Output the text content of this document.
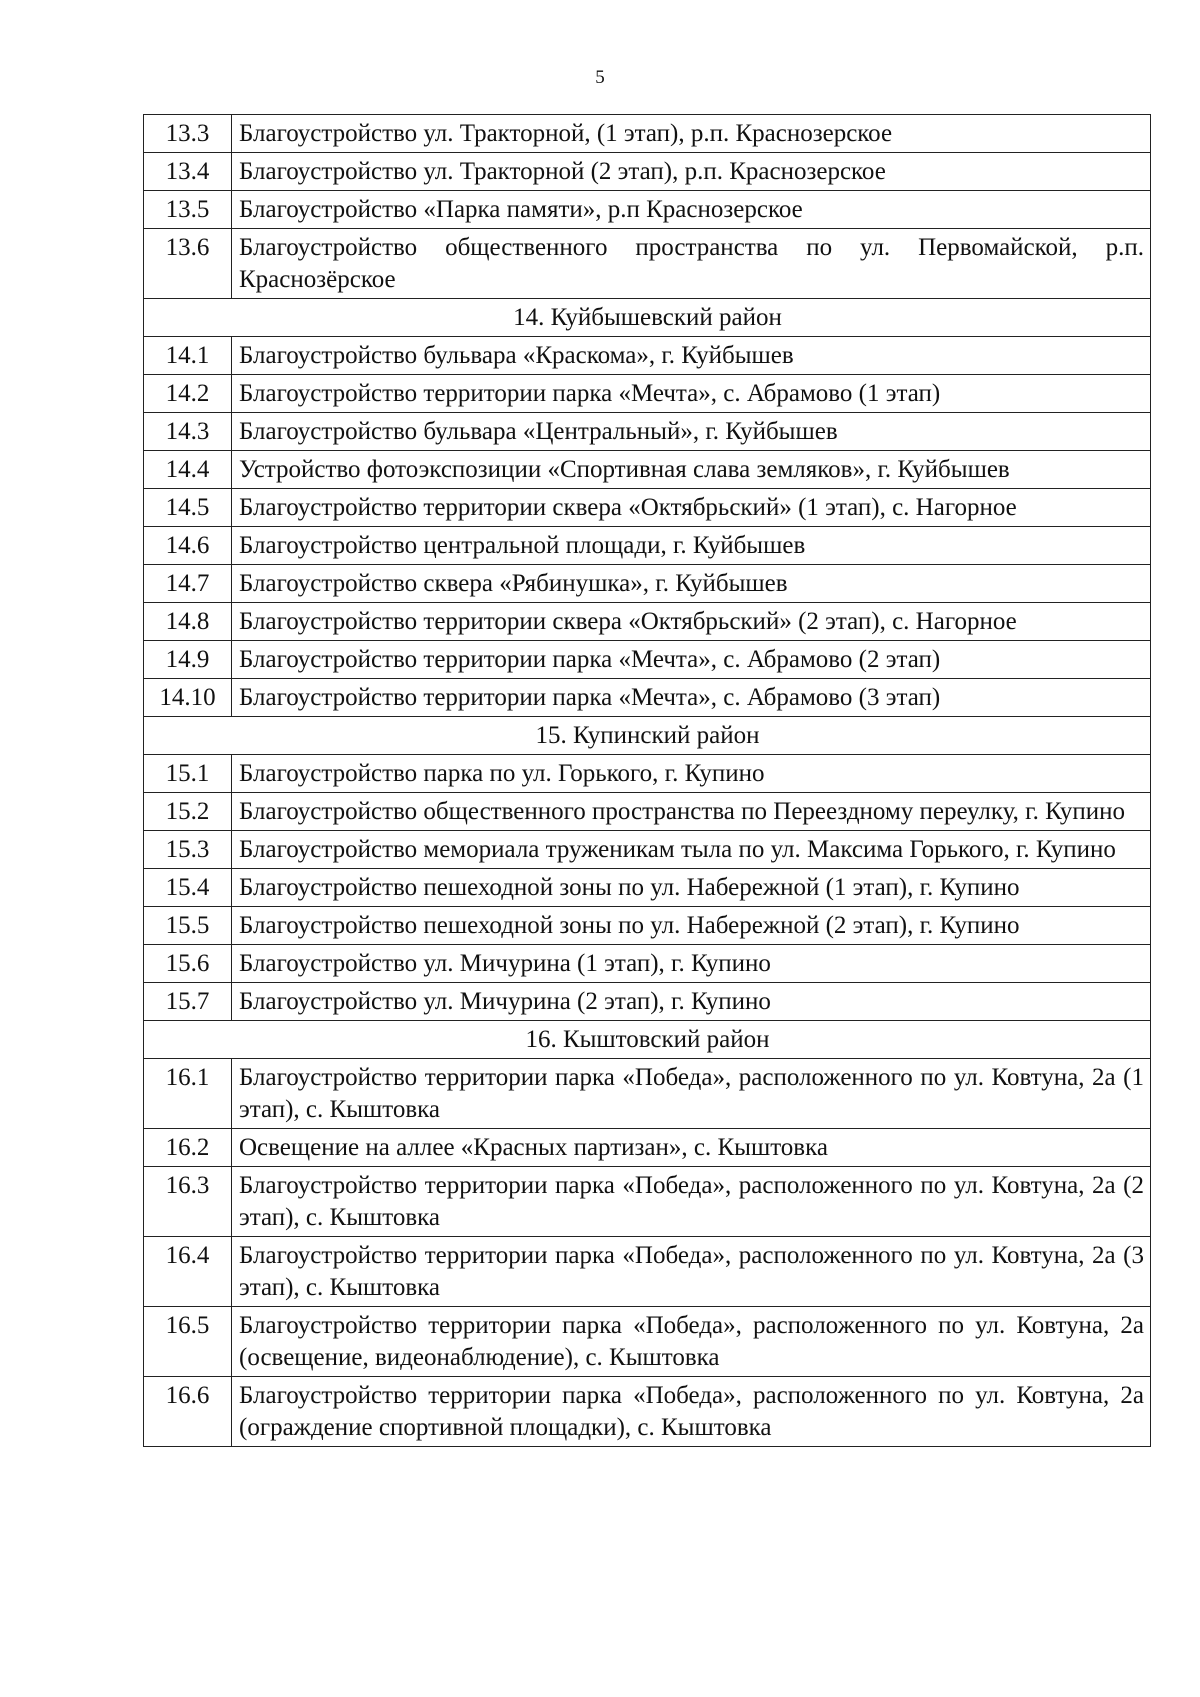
5
13.3	Благоустройство ул. Тракторной, (1 этап), р.п. Краснозерское
13.4	Благоустройство ул. Тракторной (2 этап), р.п. Краснозерское
13.5	Благоустройство «Парка памяти», р.п Краснозерское
13.6	Благоустройство общественного пространства по ул. Первомайской, р.п. Краснозёрское
14. Куйбышевский район	
14.1	Благоустройство бульвара «Краскома», г. Куйбышев
14.2	Благоустройство территории парка «Мечта», с. Абрамово (1 этап)
14.3	Благоустройство бульвара «Центральный», г. Куйбышев
14.4	Устройство фотоэкспозиции «Спортивная слава земляков», г. Куйбышев
14.5	Благоустройство территории сквера «Октябрьский» (1 этап), с. Нагорное
14.6	Благоустройство центральной площади, г. Куйбышев
14.7	Благоустройство сквера «Рябинушка», г. Куйбышев
14.8	Благоустройство территории сквера «Октябрьский» (2 этап), с. Нагорное
14.9	Благоустройство территории парка «Мечта», с. Абрамово (2 этап)
14.10	Благоустройство территории парка «Мечта», с. Абрамово (3 этап)
15. Купинский район	
15.1	Благоустройство парка по ул. Горького, г. Купино
15.2	Благоустройство общественного пространства по Переездному переулку, г. Купино
15.3	Благоустройство мемориала труженикам тыла по ул. Максима Горького, г. Купино
15.4	Благоустройство пешеходной зоны по ул. Набережной (1 этап), г. Купино
15.5	Благоустройство пешеходной зоны по ул. Набережной (2 этап), г. Купино
15.6	Благоустройство ул. Мичурина (1 этап), г. Купино
15.7	Благоустройство ул. Мичурина (2 этап), г. Купино
16. Кыштовский район	
16.1	Благоустройство территории парка «Победа», расположенного по ул. Ковтуна, 2а (1 этап), с. Кыштовка
16.2	Освещение на аллее «Красных партизан», с. Кыштовка
16.3	Благоустройство территории парка «Победа», расположенного по ул. Ковтуна, 2а (2 этап), с. Кыштовка
16.4	Благоустройство территории парка «Победа», расположенного по ул. Ковтуна, 2а (3 этап), с. Кыштовка
16.5	Благоустройство территории парка «Победа», расположенного по ул. Ковтуна, 2а (освещение, видеонаблюдение), с. Кыштовка
16.6	Благоустройство территории парка «Победа», расположенного по ул. Ковтуна, 2а (ограждение спортивной площадки), с. Кыштовка
